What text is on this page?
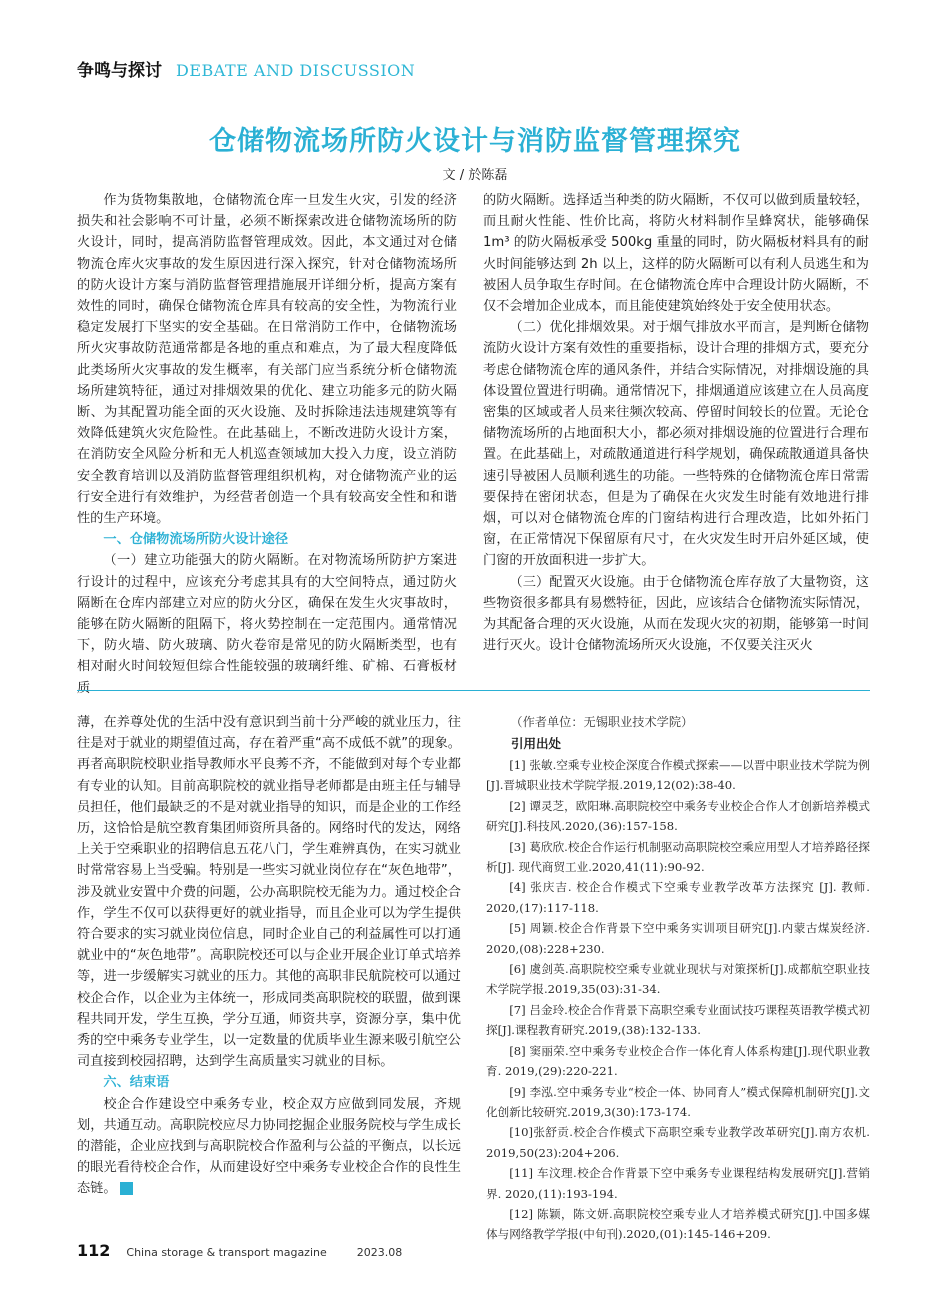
争鸣与探讨 DEBATE AND DISCUSSION
仓储物流场所防火设计与消防监督管理探究
文 / 於陈磊

作为货物集散地，仓储物流仓库一旦发生火灾，引发的经济损失和社会影响不可计量，必须不断探索改进仓储物流场所的防火设计，同时，提高消防监督管理成效。因此，本文通过对仓储物流仓库火灾事故的发生原因进行深入探究，针对仓储物流场所的防火设计方案与消防监督管理措施展开详细分析，提高方案有效性的同时，确保仓储物流仓库具有较高的安全性，为物流行业稳定发展打下坚实的安全基础。在日常消防工作中，仓储物流场所火灾事故防范通常都是各地的重点和难点，为了最大程度降低此类场所火灾事故的发生概率，有关部门应当系统分析仓储物流场所建筑特征，通过对排烟效果的优化、建立功能多元的防火隔断、为其配置功能全面的灭火设施、及时拆除违法违规建筑等有效降低建筑火灾危险性。在此基础上，不断改进防火设计方案，在消防安全风险分析和无人机巡查领域加大投入力度，设立消防安全教育培训以及消防监督管理组织机构，对仓储物流产业的运行安全进行有效维护，为经营者创造一个具有较高安全性和和谐性的生产环境。

一、仓储物流场所防火设计途径

（一）建立功能强大的防火隔断。在对物流场所防护方案进行设计的过程中，应该充分考虑其具有的大空间特点，通过防火隔断在仓库内部建立对应的防火分区，确保在发生火灾事故时，能够在防火隔断的阻隔下，将火势控制在一定范围内。通常情况下，防火墙、防火玻璃、防火卷帘是常见的防火隔断类型，也有相对耐火时间较短但综合性能较强的玻璃纤维、矿棉、石膏板材质

的防火隔断。选择适当种类的防火隔断，不仅可以做到质量较轻，而且耐火性能、性价比高，将防火材料制作呈蜂窝状，能够确保 1m³ 的防火隔板承受 500kg 重量的同时，防火隔板材料具有的耐火时间能够达到 2h 以上，这样的防火隔断可以有利人员逃生和为被困人员争取生存时间。在仓储物流仓库中合理设计防火隔断，不仅不会增加企业成本，而且能使建筑始终处于安全使用状态。

（二）优化排烟效果。对于烟气排放水平而言，是判断仓储物流防火设计方案有效性的重要指标，设计合理的排烟方式，要充分考虑仓储物流仓库的通风条件，并结合实际情况，对排烟设施的具体设置位置进行明确。通常情况下，排烟通道应该建立在人员高度密集的区域或者人员来往频次较高、停留时间较长的位置。无论仓储物流场所的占地面积大小，都必须对排烟设施的位置进行合理布置。在此基础上，对疏散通道进行科学规划，确保疏散通道具备快速引导被困人员顺利逃生的功能。一些特殊的仓储物流仓库日常需要保持在密闭状态，但是为了确保在火灾发生时能有效地进行排烟，可以对仓储物流仓库的门窗结构进行合理改造，比如外拓门窗，在正常情况下保留原有尺寸，在火灾发生时开启外延区域，使门窗的开放面积进一步扩大。

（三）配置灭火设施。由于仓储物流仓库存放了大量物资，这些物资很多都具有易燃特征，因此，应该结合仓储物流实际情况，为其配备合理的灭火设施，从而在发现火灾的初期，能够第一时间进行灭火。设计仓储物流场所灭火设施，不仅要关注灭火

薄，在养尊处优的生活中没有意识到当前十分严峻的就业压力，往往是对于就业的期望值过高，存在着严重“高不成低不就”的现象。再者高职院校职业指导教师水平良莠不齐，不能做到对每个专业都有专业的认知。目前高职院校的就业指导老师都是由班主任与辅导员担任，他们最缺乏的不是对就业指导的知识，而是企业的工作经历，这恰恰是航空教育集团师资所具备的。网络时代的发达，网络上关于空乘职业的招聘信息五花八门，学生难辨真伪，在实习就业时常常容易上当受骗。特别是一些实习就业岗位存在“灰色地带”，涉及就业安置中介费的问题，公办高职院校无能为力。通过校企合作，学生不仅可以获得更好的就业指导，而且企业可以为学生提供符合要求的实习就业岗位信息，同时企业自己的利益属性可以打通就业中的“灰色地带”。高职院校还可以与企业开展企业订单式培养等，进一步缓解实习就业的压力。其他的高职非民航院校可以通过校企合作，以企业为主体统一，形成同类高职院校的联盟，做到课程共同开发，学生互换，学分互通，师资共享，资源分享，集中优秀的空中乘务专业学生，以一定数量的优质毕业生源来吸引航空公司直接到校园招聘，达到学生高质量实习就业的目标。

六、结束语

校企合作建设空中乘务专业，校企双方应做到同发展，齐规划，共通互动。高职院校应尽力协同挖掘企业服务院校与学生成长的潜能，企业应找到与高职院校合作盈利与公益的平衡点，以长远的眼光看待校企合作，从而建设好空中乘务专业校企合作的良性生态链。	C

（作者单位：无锡职业技术学院）

引用出处

[1] 张敏.空乘专业校企深度合作模式探索——以晋中职业技术学院为例[J].晋城职业技术学院学报.2019,12(02):38-40.

[2] 谭灵芝，欧阳琳.高职院校空中乘务专业校企合作人才创新培养模式研究[J].科技风.2020,(36):157-158.

[3] 葛欣欣.校企合作运行机制驱动高职院校空乘应用型人才培养路径探析[J]. 现代商贸工业.2020,41(11):90-92.

[4] 张庆吉. 校企合作模式下空乘专业教学改革方法探究 [J]. 教师. 2020,(17):117-118.

[5] 周颖.校企合作背景下空中乘务实训项目研究[J].内蒙古煤炭经济. 2020,(08):228+230.

[6] 虞剑英.高职院校空乘专业就业现状与对策探析[J].成都航空职业技术学院学报.2019,35(03):31-34.

[7] 吕金玲.校企合作背景下高职空乘专业面试技巧课程英语教学模式初探[J].课程教育研究.2019,(38):132-133.

[8] 窦丽荣.空中乘务专业校企合作一体化育人体系构建[J].现代职业教育. 2019,(29):220-221.

[9] 李泓.空中乘务专业“校企一体、协同育人”模式保障机制研究[J].文化创新比较研究.2019,3(30):173-174.

[10]张舒贡.校企合作模式下高职空乘专业教学改革研究[J].南方农机. 2019,50(23):204+206.

[11] 车汶理.校企合作背景下空中乘务专业课程结构发展研究[J].营销界. 2020,(11):193-194.

[12] 陈颖，陈文妍.高职院校空乘专业人才培养模式研究[J].中国多媒体与网络教学学报(中旬刊).2020,(01):145-146+209.

112 China storage & transport magazine	2023.08
